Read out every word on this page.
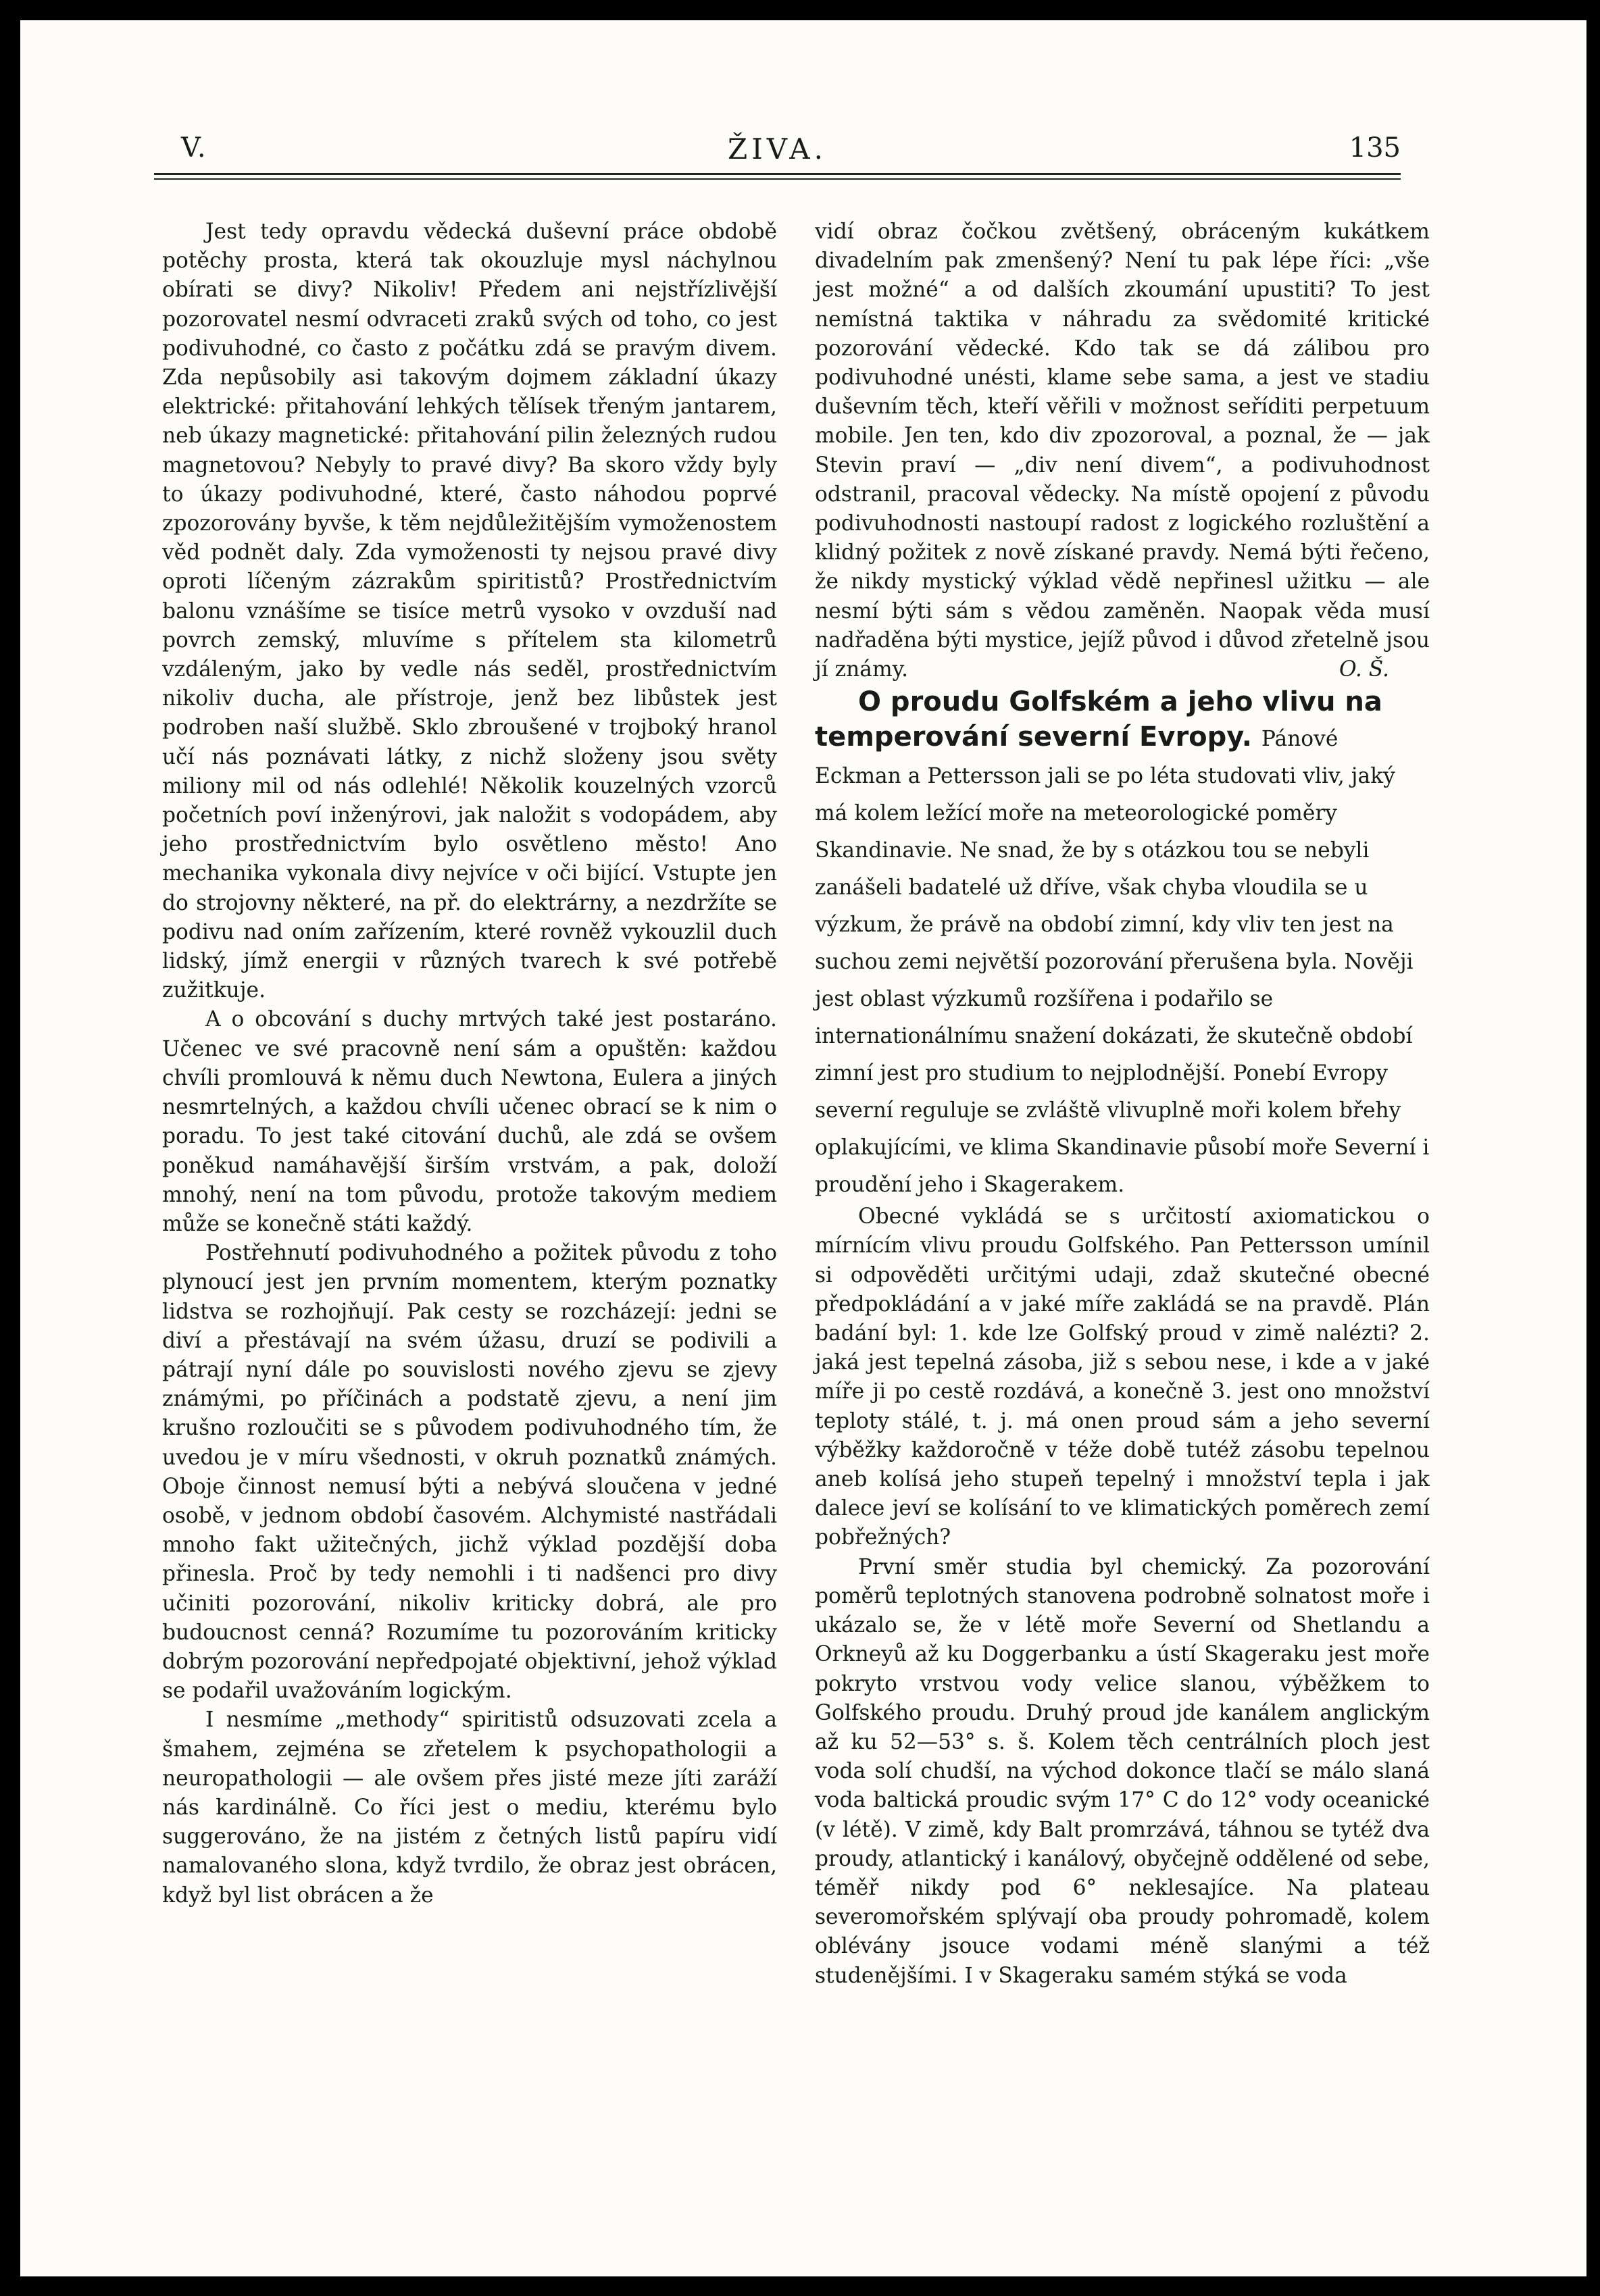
V.	ŽIVA.	135

Jest tedy opravdu vědecká duševní práce obdobě potěchy prosta, která tak okouzluje mysl náchylnou obírati se divy? Nikoliv! Předem ani nejstřízlivější pozorovatel nesmí odvraceti zraků svých od toho, co jest podivuhodné, co často z počátku zdá se pravým divem. Zda nepůsobily asi takovým dojmem základní úkazy elektrické: přitahování lehkých tělísek třeným jantarem, neb úkazy magnetické: přitahování pilin železných rudou magnetovou? Nebyly to pravé divy? Ba skoro vždy byly to úkazy podivuhodné, které, často náhodou poprvé zpozorovány byvše, k těm nejdůležitějším vymoženostem věd podnět daly. Zda vymoženosti ty nejsou pravé divy oproti líčeným zázrakům spiritistů? Prostřednictvím balonu vznášíme se tisíce metrů vysoko v ovzduší nad povrch zemský, mluvíme s přítelem sta kilometrů vzdáleným, jako by vedle nás seděl, prostřednictvím nikoliv ducha, ale přístroje, jenž bez libůstek jest podroben naší službě. Sklo zbroušené v trojboký hranol učí nás poznávati látky, z nichž složeny jsou světy miliony mil od nás odlehlé! Několik kouzelných vzorců početních poví inženýrovi, jak naložit s vodopádem, aby jeho prostřednictvím bylo osvětleno město! Ano mechanika vykonala divy nejvíce v oči bijící. Vstupte jen do strojovny některé, na př. do elektrárny, a nezdržíte se podivu nad oním zařízením, které rovněž vykouzlil duch lidský, jímž energii v různých tvarech k své potřebě zužitkuje.

A o obcování s duchy mrtvých také jest postaráno. Učenec ve své pracovně není sám a opuštěn: každou chvíli promlouvá k němu duch Newtona, Eulera a jiných nesmrtelných, a každou chvíli učenec obrací se k nim o poradu. To jest také citování duchů, ale zdá se ovšem poněkud namáhavější širším vrstvám, a pak, doloží mnohý, není na tom původu, protože takovým mediem může se konečně státi každý.

Postřehnutí podivuhodného a požitek původu z toho plynoucí jest jen prvním momentem, kterým poznatky lidstva se rozhojňují. Pak cesty se rozcházejí: jedni se diví a přestávají na svém úžasu, druzí se podivili a pátrají nyní dále po souvislosti nového zjevu se zjevy známými, po příčinách a podstatě zjevu, a není jim krušno rozloučiti se s původem podivuhodného tím, že uvedou je v míru všednosti, v okruh poznatků známých. Oboje činnost nemusí býti a nebývá sloučena v jedné osobě, v jednom období časovém. Alchymisté nastřádali mnoho fakt užitečných, jichž výklad pozdější doba přinesla. Proč by tedy nemohli i ti nadšenci pro divy učiniti pozorování, nikoliv kriticky dobrá, ale pro budoucnost cenná? Rozumíme tu pozorováním kriticky dobrým pozorování nepředpojaté objektivní, jehož výklad se podařil uvažováním logickým.

I nesmíme „methody“ spiritistů odsuzovati zcela a šmahem, zejména se zřetelem k psychopathologii a neuropathologii — ale ovšem přes jisté meze jíti zaráží nás kardinálně. Co říci jest o mediu, kterému bylo suggerováno, že na jistém z četných listů papíru vidí namalovaného slona, když tvrdilo, že obraz jest obrácen, když byl list obrácen a že

vidí obraz čočkou zvětšený, obráceným kukátkem divadelním pak zmenšený? Není tu pak lépe říci: „vše jest možné“ a od dalších zkoumání upustiti? To jest nemístná taktika v náhradu za svědomité kritické pozorování vědecké. Kdo tak se dá zálibou pro podivuhodné unésti, klame sebe sama, a jest ve stadiu duševním těch, kteří věřili v možnost seříditi perpetuum mobile. Jen ten, kdo div zpozoroval, a poznal, že — jak Stevin praví — „div není divem“, a podivuhodnost odstranil, pracoval vědecky. Na místě opojení z původu podivuhodnosti nastoupí radost z logického rozluštění a klidný požitek z nově získané pravdy. Nemá býti řečeno, že nikdy mystický výklad vědě nepřinesl užitku — ale nesmí býti sám s vědou zaměněn. Naopak věda musí nadřaděna býti mystice, jejíž původ i důvod zřetelně jsou jí známy.	O. Š.

O proudu Golfském a jeho vlivu na temperování severní Evropy. Pánové Eckman a Pettersson jali se po léta studovati vliv, jaký má kolem ležící moře na meteorologické poměry Skandinavie. Ne snad, že by s otázkou tou se nebyli zanášeli badatelé už dříve, však chyba vloudila se u výzkum, že právě na období zimní, kdy vliv ten jest na suchou zemi největší pozorování přerušena byla. Nověji jest oblast výzkumů rozšířena i podařilo se internationálnímu snažení dokázati, že skutečně období zimní jest pro studium to nejplodnější. Ponebí Evropy severní reguluje se zvláště vlivuplně moři kolem břehy oplakujícími, ve klima Skandinavie působí moře Severní i proudění jeho i Skagerakem.

Obecné vykládá se s určitostí axiomatickou o mírnícím vlivu proudu Golfského. Pan Pettersson umínil si odpověděti určitými udaji, zdaž skutečné obecné předpokládání a v jaké míře zakládá se na pravdě. Plán badání byl: 1. kde lze Golfský proud v zimě nalézti? 2. jaká jest tepelná zásoba, již s sebou nese, i kde a v jaké míře ji po cestě rozdává, a konečně 3. jest ono množství teploty stálé, t. j. má onen proud sám a jeho severní výběžky každoročně v téže době tutéž zásobu tepelnou aneb kolísá jeho stupeň tepelný i množství tepla i jak dalece jeví se kolísání to ve klimatických poměrech zemí pobřežných?

První směr studia byl chemický. Za pozorování poměrů teplotných stanovena podrobně solnatost moře i ukázalo se, že v létě moře Severní od Shetlandu a Orkneyů až ku Doggerbanku a ústí Skageraku jest moře pokryto vrstvou vody velice slanou, výběžkem to Golfského proudu. Druhý proud jde kanálem anglickým až ku 52—53° s. š. Kolem těch centrálních ploch jest voda solí chudší, na východ dokonce tlačí se málo slaná voda baltická proudic svým 17° C do 12° vody oceanické (v létě). V zimě, kdy Balt promrzává, táhnou se tytéž dva proudy, atlantický i kanálový, obyčejně oddělené od sebe, téměř nikdy pod 6° neklesajíce. Na plateau severomořském splývají oba proudy pohromadě, kolem oblévány jsouce vodami méně slanými a též studenějšími. I v Skageraku samém stýká se voda
